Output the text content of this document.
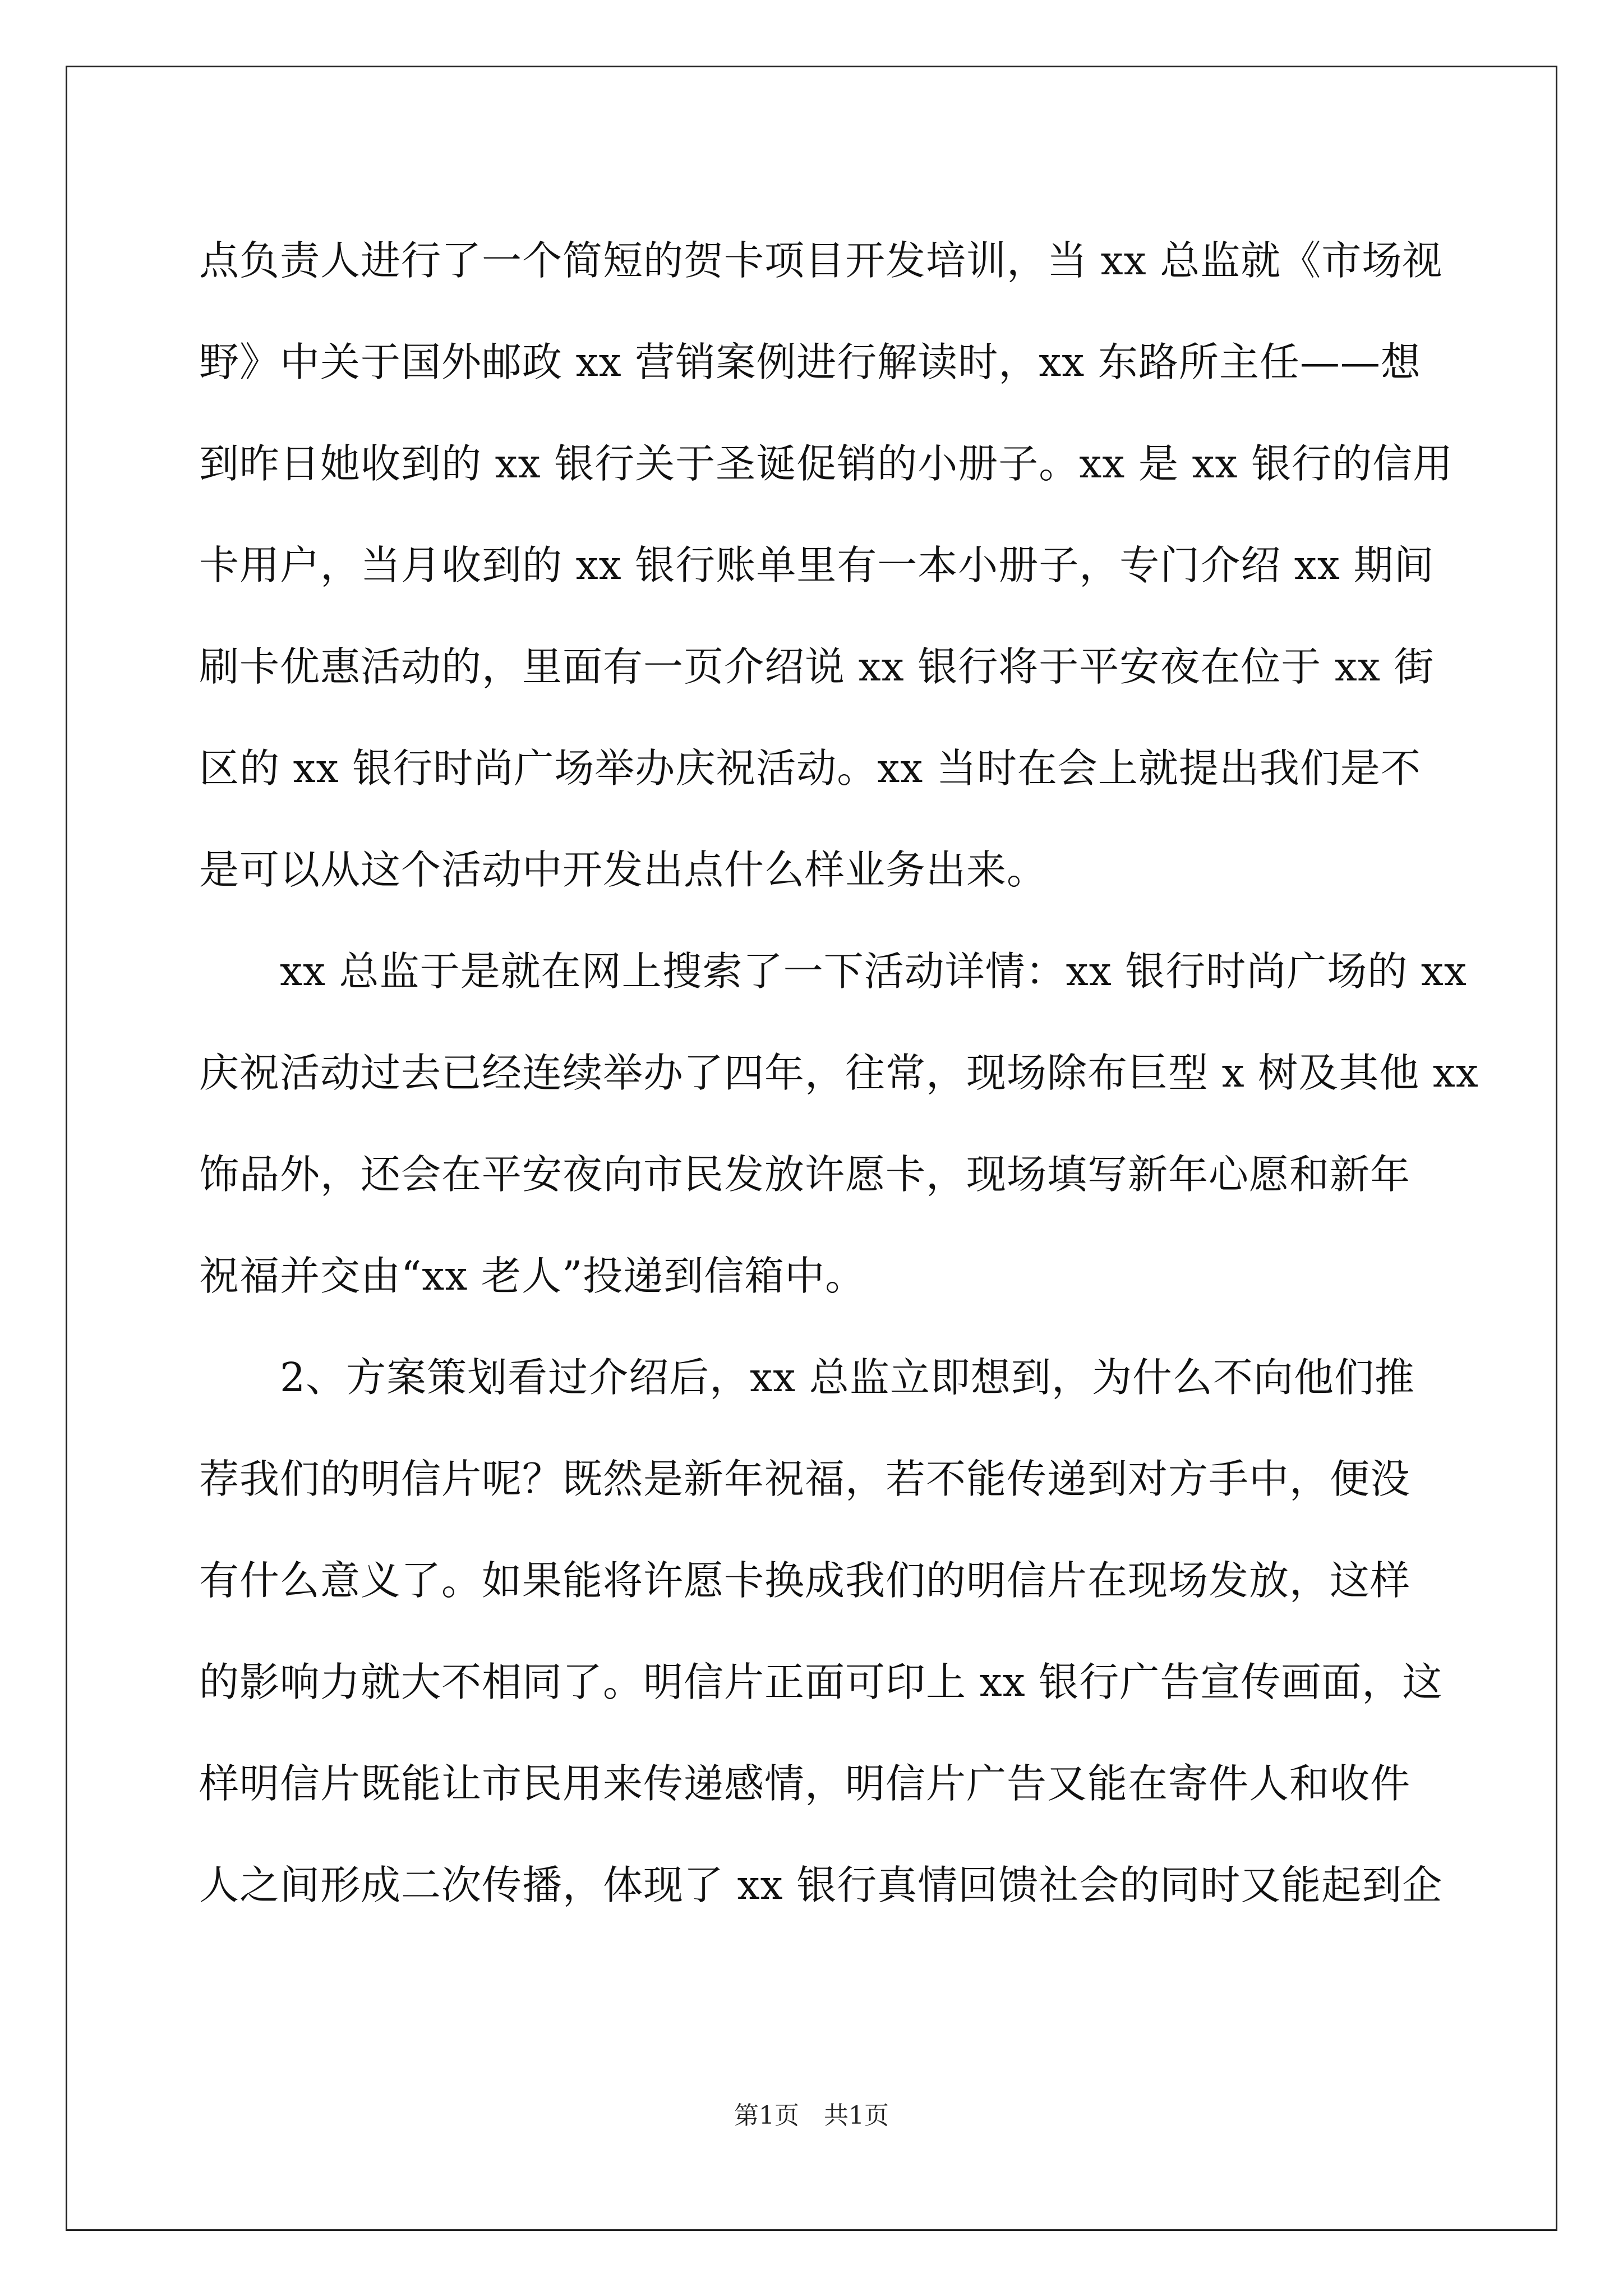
点负责人进行了一个简短的贺卡项目开发培训，当 xx 总监就《市场视
野》中关于国外邮政 xx 营销案例进行解读时，xx 东路所主任——想
到昨日她收到的 xx 银行关于圣诞促销的小册子。xx 是 xx 银行的信用
卡用户，当月收到的 xx 银行账单里有一本小册子，专门介绍 xx 期间
刷卡优惠活动的，里面有一页介绍说 xx 银行将于平安夜在位于 xx 街
区的 xx 银行时尚广场举办庆祝活动。xx 当时在会上就提出我们是不
是可以从这个活动中开发出点什么样业务出来。
　　xx 总监于是就在网上搜索了一下活动详情：xx 银行时尚广场的 xx
庆祝活动过去已经连续举办了四年，往常，现场除布巨型 x 树及其他 xx
饰品外，还会在平安夜向市民发放许愿卡，现场填写新年心愿和新年
祝福并交由“xx 老人”投递到信箱中。
　　2、方案策划看过介绍后，xx 总监立即想到，为什么不向他们推
荐我们的明信片呢？既然是新年祝福，若不能传递到对方手中，便没
有什么意义了。如果能将许愿卡换成我们的明信片在现场发放，这样
的影响力就大不相同了。明信片正面可印上 xx 银行广告宣传画面，这
样明信片既能让市民用来传递感情，明信片广告又能在寄件人和收件
人之间形成二次传播，体现了 xx 银行真情回馈社会的同时又能起到企
第1页　共1页
